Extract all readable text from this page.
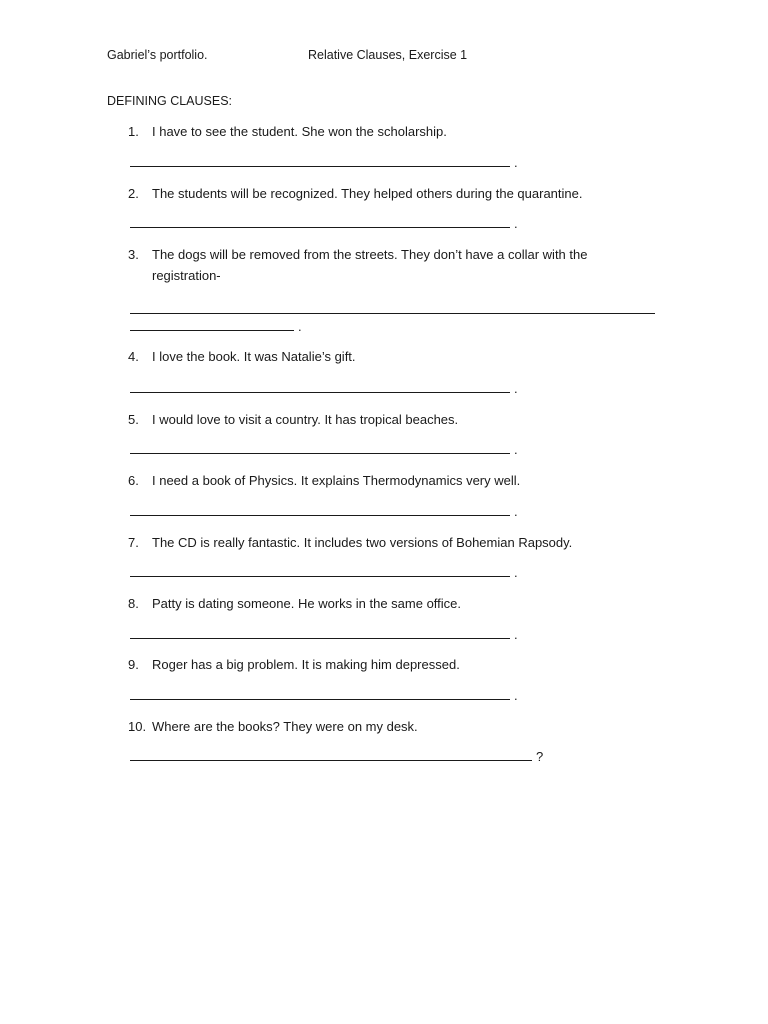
Gabriel’s portfolio.	Relative Clauses, Exercise 1
DEFINING CLAUSES:
1. I have to see the student. She won the scholarship.
.
2. The students will be recognized. They helped others during the quarantine.
.
3. The dogs will be removed from the streets. They don’t have a collar with the
registration-
.
4. I love the book. It was Natalie’s gift.
.
5. I would love to visit a country. It has tropical beaches.
.
6. I need a book of Physics. It explains Thermodynamics very well.
.
7. The CD is really fantastic. It includes two versions of Bohemian Rapsody.
.
8. Patty is dating someone. He works in the same office.
.
9. Roger has a big problem. It is making him depressed.
.
10. Where are the books? They were on my desk.
?
